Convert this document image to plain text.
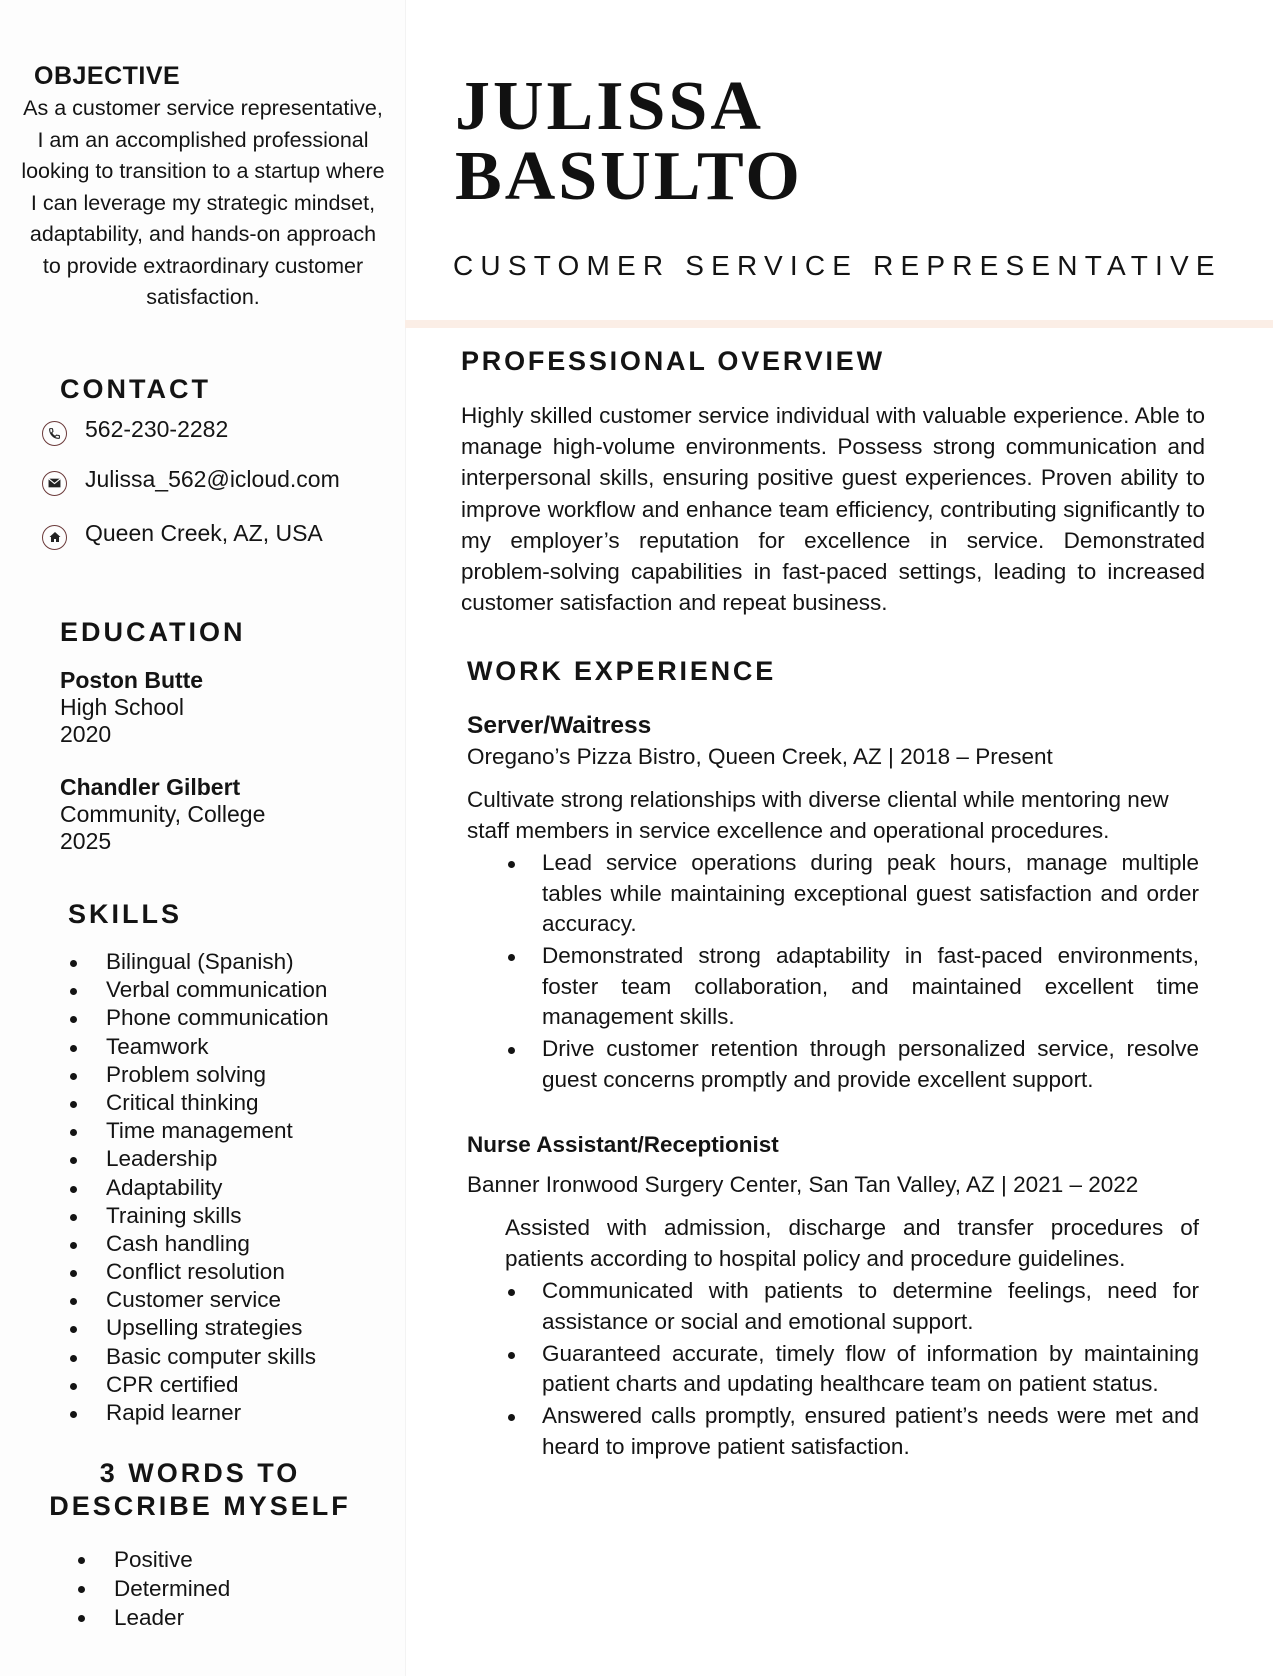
OBJECTIVE
As a customer service representative, I am an accomplished professional looking to transition to a startup where I can leverage my strategic mindset, adaptability, and hands-on approach to provide extraordinary customer satisfaction.
CONTACT
562-230-2282
Julissa_562@icloud.com
Queen Creek, AZ, USA
EDUCATION
Poston Butte
High School
2020
Chandler Gilbert
Community, College
2025
SKILLS
Bilingual (Spanish)
Verbal communication
Phone communication
Teamwork
Problem solving
Critical thinking
Time management
Leadership
Adaptability
Training skills
Cash handling
Conflict resolution
Customer service
Upselling strategies
Basic computer skills
CPR certified
Rapid learner
3 WORDS TO
DESCRIBE MYSELF
Positive
Determined
Leader
JULISSA
BASULTO
CUSTOMER SERVICE REPRESENTATIVE
PROFESSIONAL OVERVIEW
Highly skilled customer service individual with valuable experience. Able to manage high-volume environments. Possess strong communication and interpersonal skills, ensuring positive guest experiences. Proven ability to improve workflow and enhance team efficiency, contributing significantly to my employer’s reputation for excellence in service. Demonstrated problem-solving capabilities in fast-paced settings, leading to increased customer satisfaction and repeat business.
WORK EXPERIENCE
Server/Waitress
Oregano’s Pizza Bistro, Queen Creek, AZ | 2018 – Present
Cultivate strong relationships with diverse cliental while mentoring new staff members in service excellence and operational procedures.
Lead service operations during peak hours, manage multiple tables while maintaining exceptional guest satisfaction and order accuracy.
Demonstrated strong adaptability in fast-paced environments, foster team collaboration, and maintained excellent time management skills.
Drive customer retention through personalized service, resolve guest concerns promptly and provide excellent support.
Nurse Assistant/Receptionist
Banner Ironwood Surgery Center, San Tan Valley, AZ | 2021 – 2022
Assisted with admission, discharge and transfer procedures of patients according to hospital policy and procedure guidelines.
Communicated with patients to determine feelings, need for assistance or social and emotional support.
Guaranteed accurate, timely flow of information by maintaining patient charts and updating healthcare team on patient status.
Answered calls promptly, ensured patient’s needs were met and heard to improve patient satisfaction.
